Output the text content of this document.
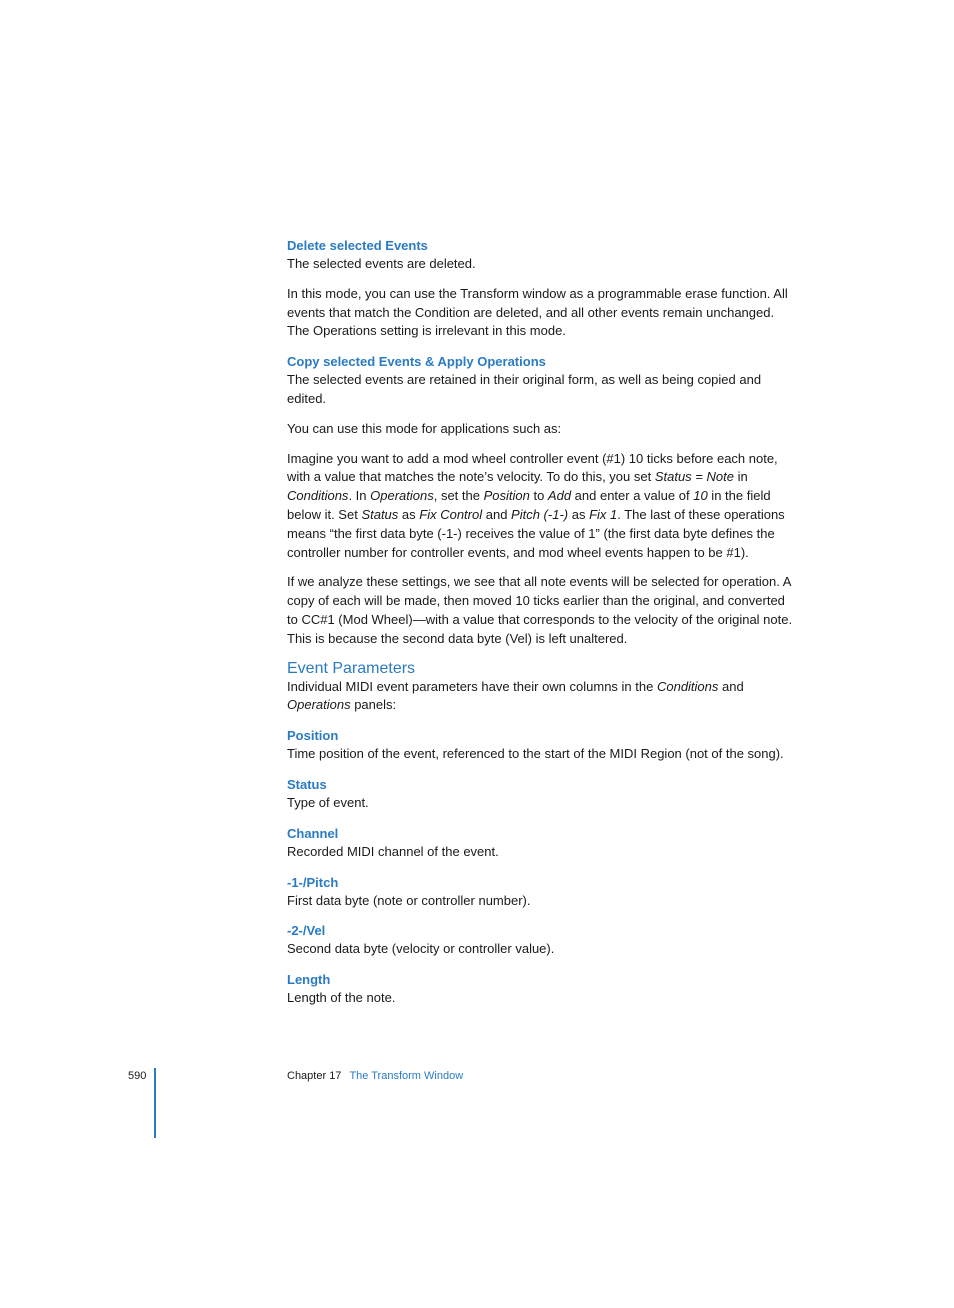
Delete selected Events

The selected events are deleted.

In this mode, you can use the Transform window as a programmable erase function. All events that match the Condition are deleted, and all other events remain unchanged. The Operations setting is irrelevant in this mode.

Copy selected Events & Apply Operations

The selected events are retained in their original form, as well as being copied and edited.

You can use this mode for applications such as:

Imagine you want to add a mod wheel controller event (#1) 10 ticks before each note, with a value that matches the note’s velocity. To do this, you set Status = Note in Conditions. In Operations, set the Position to Add and enter a value of 10 in the field below it. Set Status as Fix Control and Pitch (-1-) as Fix 1. The last of these operations means “the first data byte (-1-) receives the value of 1” (the first data byte defines the controller number for controller events, and mod wheel events happen to be #1).

If we analyze these settings, we see that all note events will be selected for operation. A copy of each will be made, then moved 10 ticks earlier than the original, and converted to CC#1 (Mod Wheel)—with a value that corresponds to the velocity of the original note. This is because the second data byte (Vel) is left unaltered.

Event Parameters

Individual MIDI event parameters have their own columns in the Conditions and Operations panels:

Position

Time position of the event, referenced to the start of the MIDI Region (not of the song).

Status

Type of event.

Channel

Recorded MIDI channel of the event.

-1-/Pitch

First data byte (note or controller number).

-2-/Vel

Second data byte (velocity or controller value).

Length

Length of the note.

590	Chapter 17 The Transform Window
